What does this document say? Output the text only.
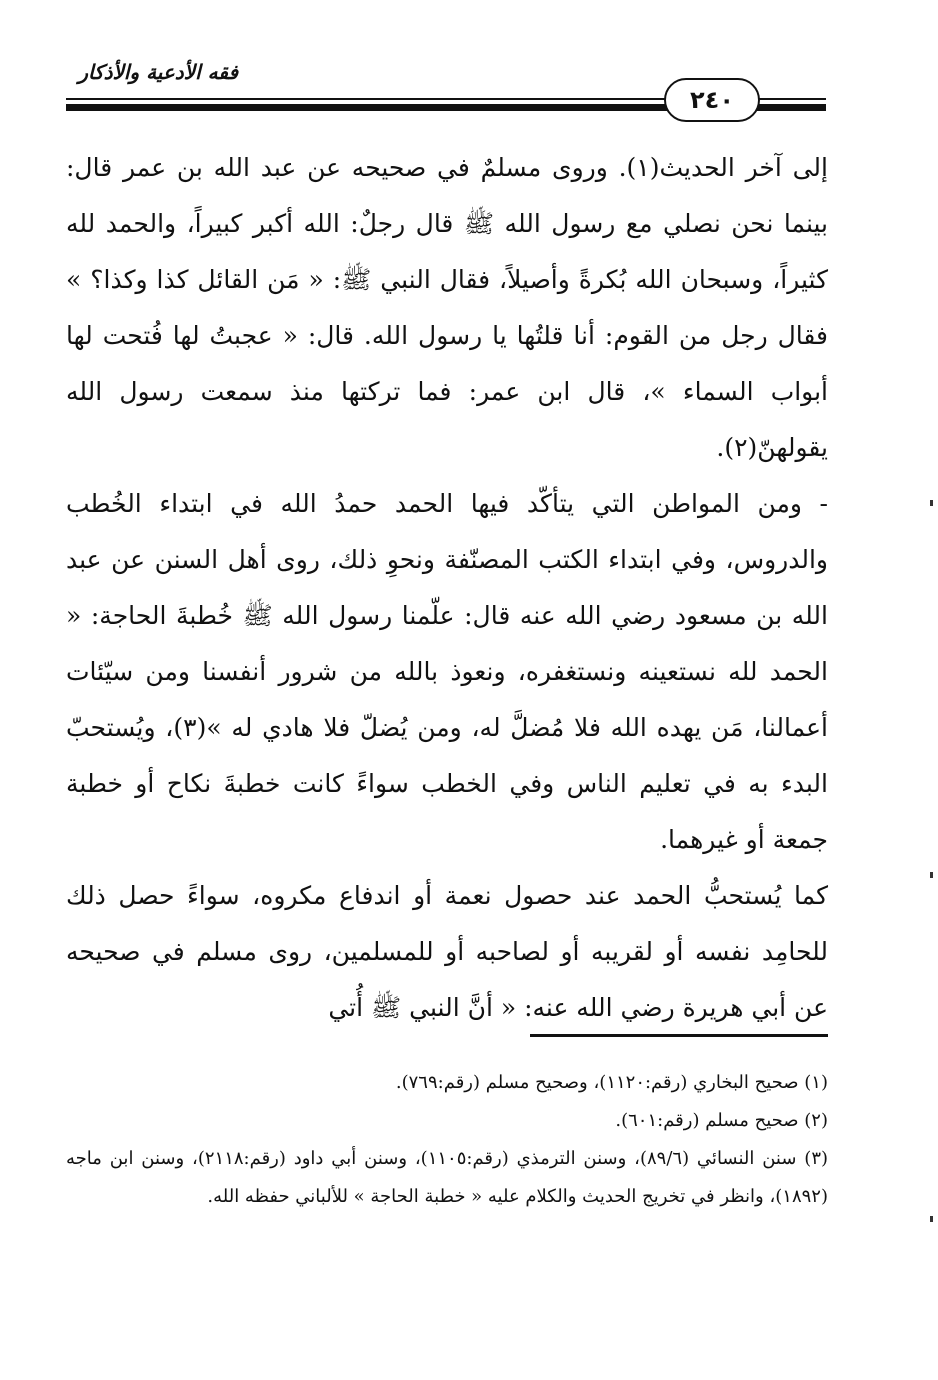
فقه الأدعية والأذكار
٢٤٠

إلى آخر الحديث(١). وروى مسلمٌ في صحيحه عن عبد الله بن عمر قال: بينما نحن نصلي مع رسول الله ﷺ قال رجلٌ: الله أكبر كبيراً، والحمد لله كثيراً، وسبحان الله بُكرةً وأصيلاً، فقال النبي ﷺ: « مَن القائل كذا وكذا؟ » فقال رجل من القوم: أنا قلتُها يا رسول الله. قال: « عجبتُ لها فُتحت لها أبواب السماء »، قال ابن عمر: فما تركتها منذ سمعت رسول الله يقولهنّ(٢).

- ومن المواطن التي يتأكّد فيها الحمد حمدُ الله في ابتداء الخُطب والدروس، وفي ابتداء الكتب المصنّفة ونحوِ ذلك، روى أهل السنن عن عبد الله بن مسعود رضي الله عنه قال: علّمنا رسول الله ﷺ خُطبةَ الحاجة: « الحمد لله نستعينه ونستغفره، ونعوذ بالله من شرور أنفسنا ومن سيّئات أعمالنا، مَن يهده الله فلا مُضلَّ له، ومن يُضلّ فلا هادي له »(٣)، ويُستحبّ البدء به في تعليم الناس وفي الخطب سواءً كانت خطبةَ نكاح أو خطبة جمعة أو غيرهما.

كما يُستحبُّ الحمد عند حصول نعمة أو اندفاع مكروه، سواءً حصل ذلك للحامِد نفسه أو لقريبه أو لصاحبه أو للمسلمين، روى مسلم في صحيحه عن أبي هريرة رضي الله عنه: « أنَّ النبي ﷺ أُتي

(١) صحيح البخاري (رقم:١١٢٠)، وصحيح مسلم (رقم:٧٦٩).

(٢) صحيح مسلم (رقم:٦٠١).

(٣) سنن النسائي (٨٩/٦)، وسنن الترمذي (رقم:١١٠٥)، وسنن أبي داود (رقم:٢١١٨)، وسنن ابن ماجه (١٨٩٢)، وانظر في تخريج الحديث والكلام عليه « خطبة الحاجة » للألباني حفظه الله.
